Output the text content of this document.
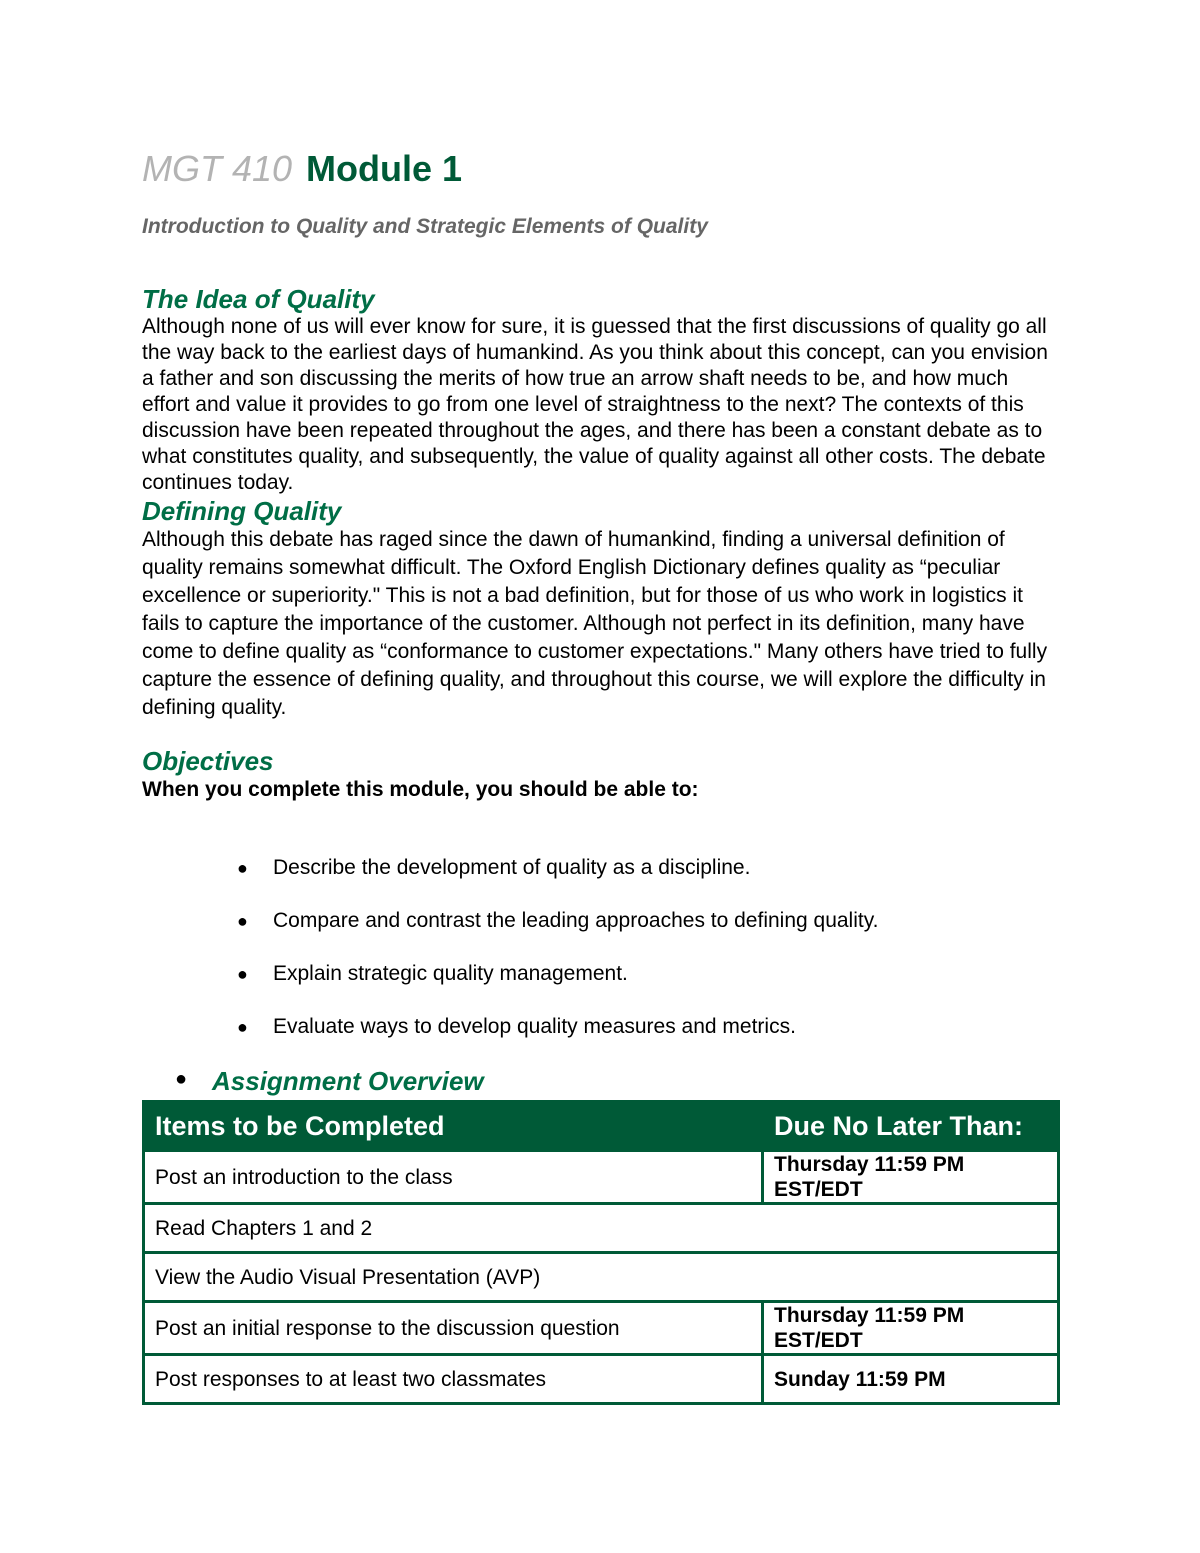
MGT 410 Module 1
Introduction to Quality and Strategic Elements of Quality
The Idea of Quality

Although none of us will ever know for sure, it is guessed that the first discussions of quality go all the way back to the earliest days of humankind. As you think about this concept, can you envision a father and son discussing the merits of how true an arrow shaft needs to be, and how much effort and value it provides to go from one level of straightness to the next? The contexts of this discussion have been repeated throughout the ages, and there has been a constant debate as to what constitutes quality, and subsequently, the value of quality against all other costs. The debate continues today.

Defining Quality

Although this debate has raged since the dawn of humankind, finding a universal definition of quality remains somewhat difficult. The Oxford English Dictionary defines quality as “peculiar excellence or superiority." This is not a bad definition, but for those of us who work in logistics it fails to capture the importance of the customer. Although not perfect in its definition, many have come to define quality as “conformance to customer expectations." Many others have tried to fully capture the essence of defining quality, and throughout this course, we will explore the difficulty in defining quality.

Objectives

When you complete this module, you should be able to:

● Describe the development of quality as a discipline.
● Compare and contrast the leading approaches to defining quality.
● Explain strategic quality management.
● Evaluate ways to develop quality measures and metrics.
● Assignment Overview
Items to be Completed	Due No Later Than:
Post an introduction to the class	Thursday 11:59 PM EST/EDT
Read Chapters 1 and 2	
View the Audio Visual Presentation (AVP)	
Post an initial response to the discussion question	Thursday 11:59 PM EST/EDT
Post responses to at least two classmates	Sunday 11:59 PM
